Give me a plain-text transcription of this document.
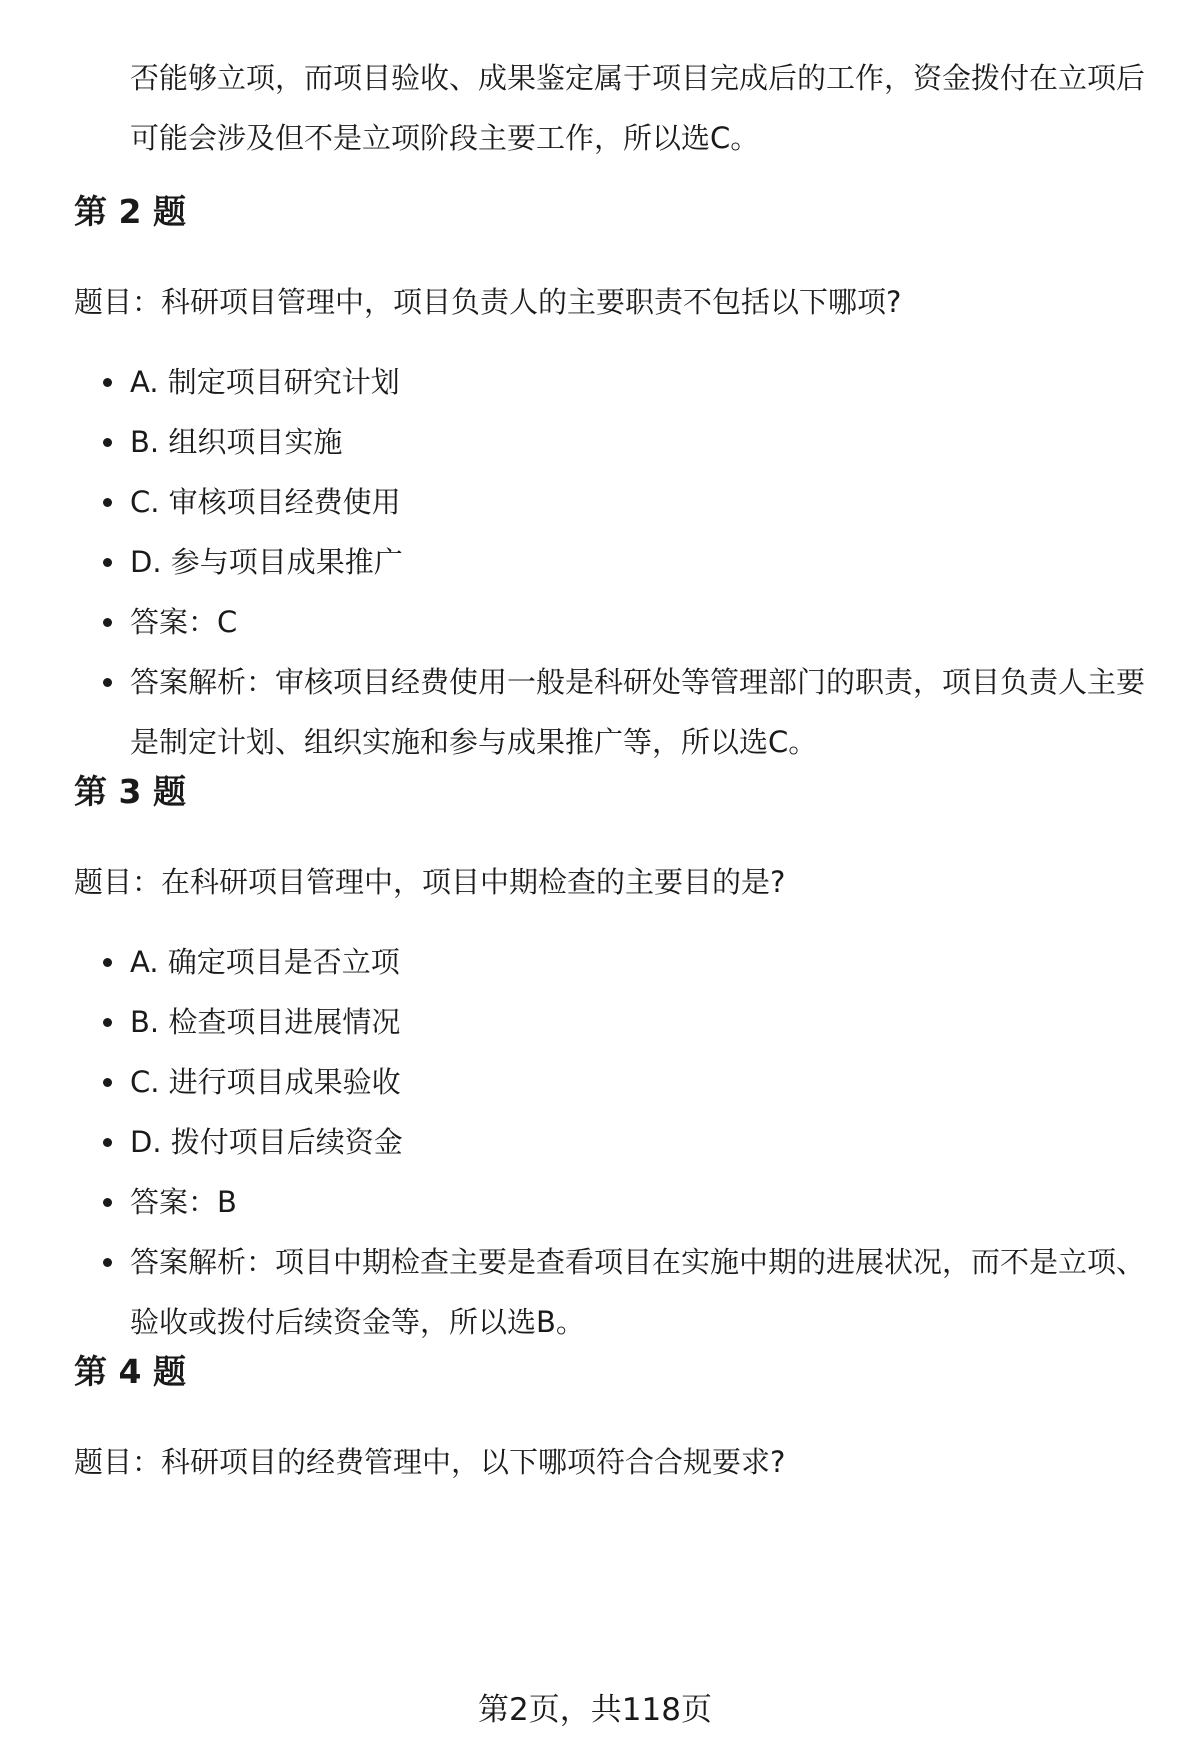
否能够立项，而项目验收、成果鉴定属于项目完成后的工作，资金拨付在立项后可能会涉及但不是立项阶段主要工作，所以选C。
第 2 题
题目：科研项目管理中，项目负责人的主要职责不包括以下哪项?
A. 制定项目研究计划
B. 组织项目实施
C. 审核项目经费使用
D. 参与项目成果推广
答案：C
答案解析：审核项目经费使用一般是科研处等管理部门的职责，项目负责人主要是制定计划、组织实施和参与成果推广等，所以选C。
第 3 题
题目：在科研项目管理中，项目中期检查的主要目的是?
A. 确定项目是否立项
B. 检查项目进展情况
C. 进行项目成果验收
D. 拨付项目后续资金
答案：B
答案解析：项目中期检查主要是查看项目在实施中期的进展状况，而不是立项、验收或拨付后续资金等，所以选B。
第 4 题
题目：科研项目的经费管理中，以下哪项符合合规要求?
第2页，共118页
